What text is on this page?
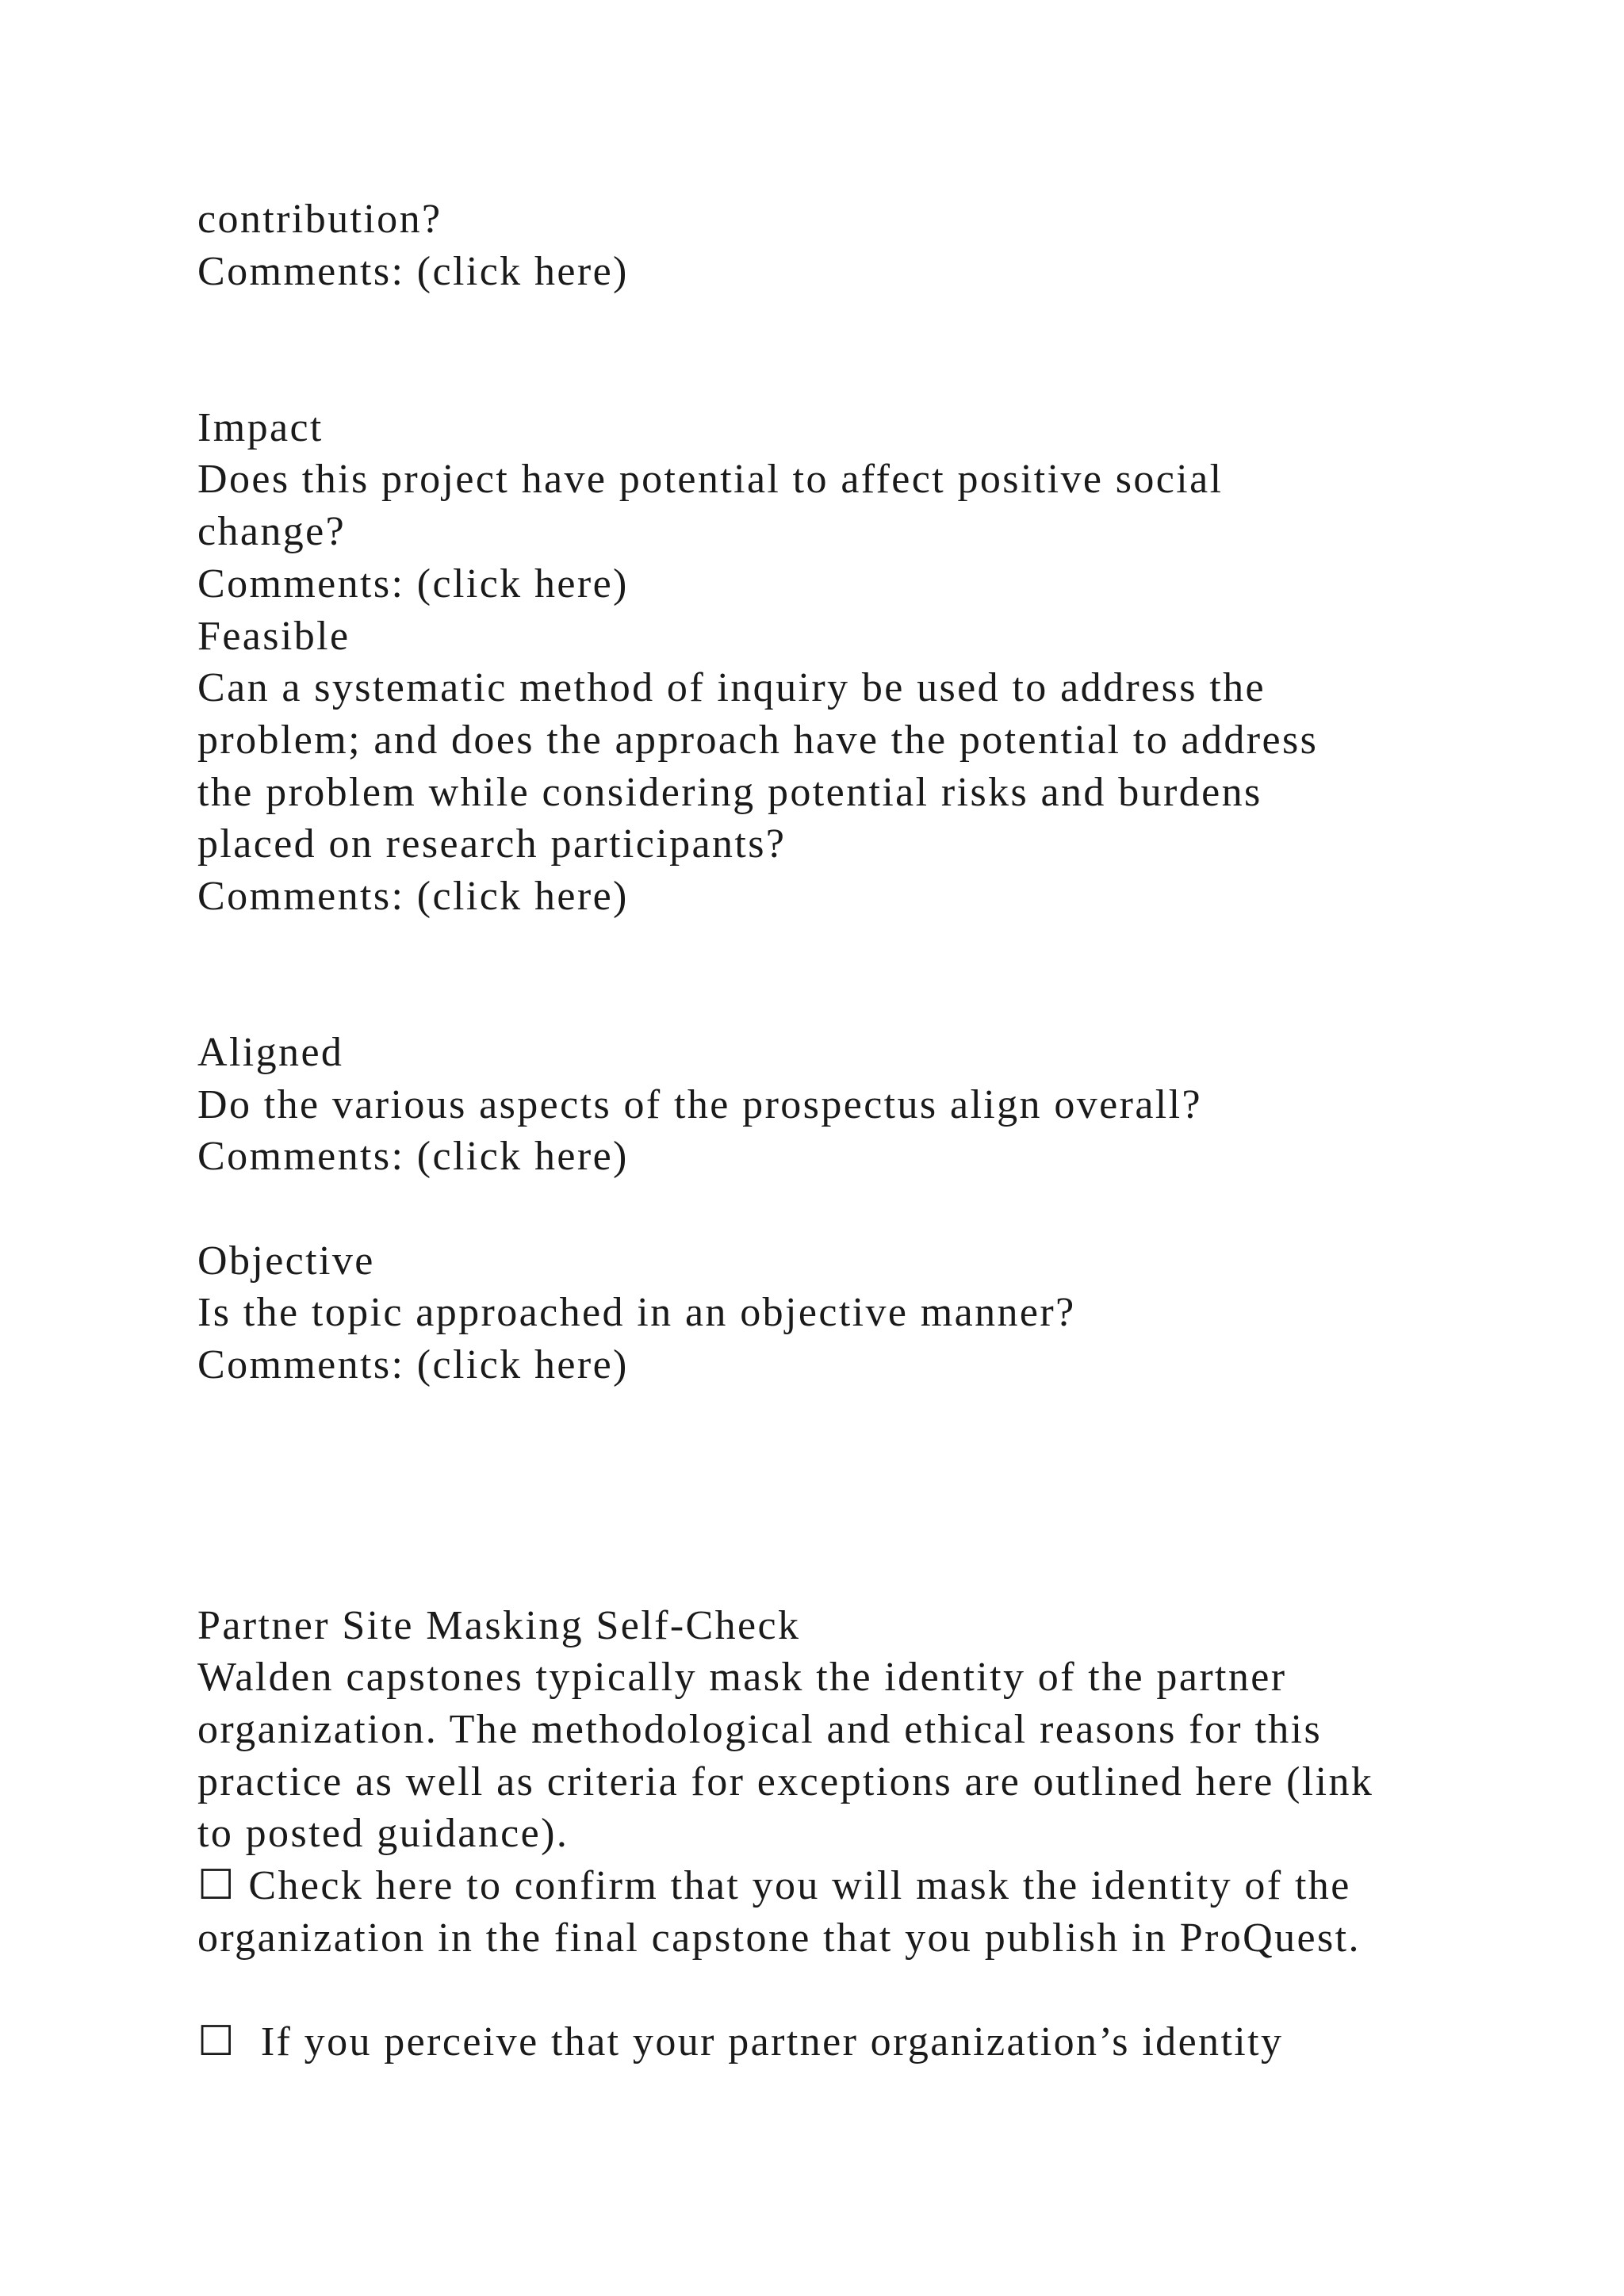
contribution?
Comments: (click here)
Impact
Does this project have potential to affect positive social
change?
Comments: (click here)
Feasible
Can a systematic method of inquiry be used to address the
problem; and does the approach have the potential to address
the problem while considering potential risks and burdens
placed on research participants?
Comments: (click here)
Aligned
Do the various aspects of the prospectus align overall?
Comments: (click here)
Objective
Is the topic approached in an objective manner?
Comments: (click here)
Partner Site Masking Self-Check
Walden capstones typically mask the identity of the partner
organization. The methodological and ethical reasons for this
practice as well as criteria for exceptions are outlined here (link
to posted guidance).
☐ Check here to confirm that you will mask the identity of the
organization in the final capstone that you publish in ProQuest.
☐  If you perceive that your partner organization’s identity
